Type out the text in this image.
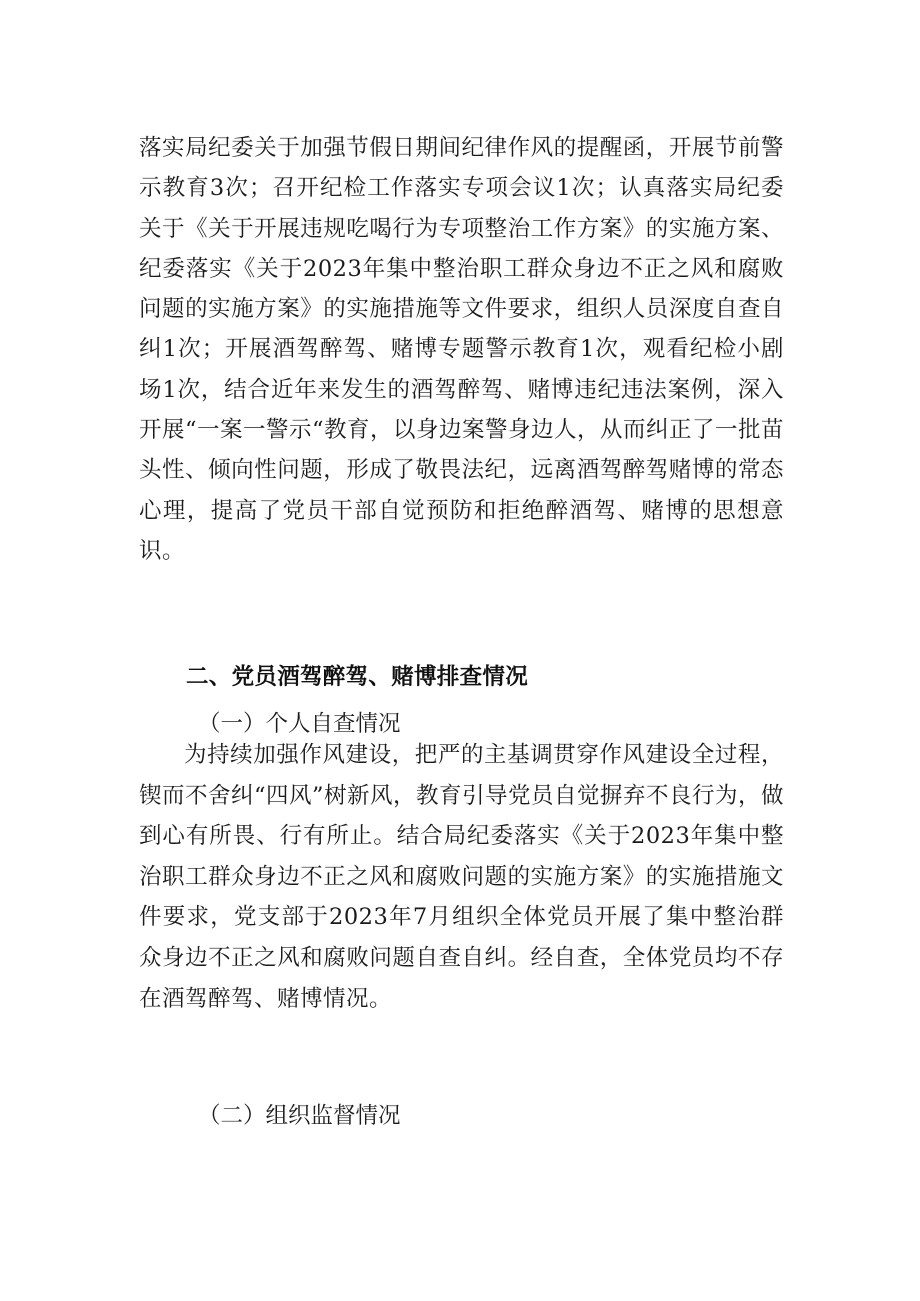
落实局纪委关于加强节假日期间纪律作风的提醒函，开展节前警示教育3次；召开纪检工作落实专项会议1次；认真落实局纪委关于《关于开展违规吃喝行为专项整治工作方案》的实施方案、纪委落实《关于2023年集中整治职工群众身边不正之风和腐败问题的实施方案》的实施措施等文件要求，组织人员深度自查自纠1次；开展酒驾醉驾、赌博专题警示教育1次，观看纪检小剧场1次，结合近年来发生的酒驾醉驾、赌博违纪违法案例，深入开展“一案一警示“教育，以身边案警身边人，从而纠正了一批苗头性、倾向性问题，形成了敬畏法纪，远离酒驾醉驾赌博的常态心理，提高了党员干部自觉预防和拒绝醉酒驾、赌博的思想意识。

二、党员酒驾醉驾、赌博排查情况
（一）个人自查情况

为持续加强作风建设，把严的主基调贯穿作风建设全过程，锲而不舍纠“四风”树新风，教育引导党员自觉摒弃不良行为，做到心有所畏、行有所止。结合局纪委落实《关于2023年集中整治职工群众身边不正之风和腐败问题的实施方案》的实施措施文件要求，党支部于2023年7月组织全体党员开展了集中整治群众身边不正之风和腐败问题自查自纠。经自查，全体党员均不存在酒驾醉驾、赌博情况。

（二）组织监督情况
